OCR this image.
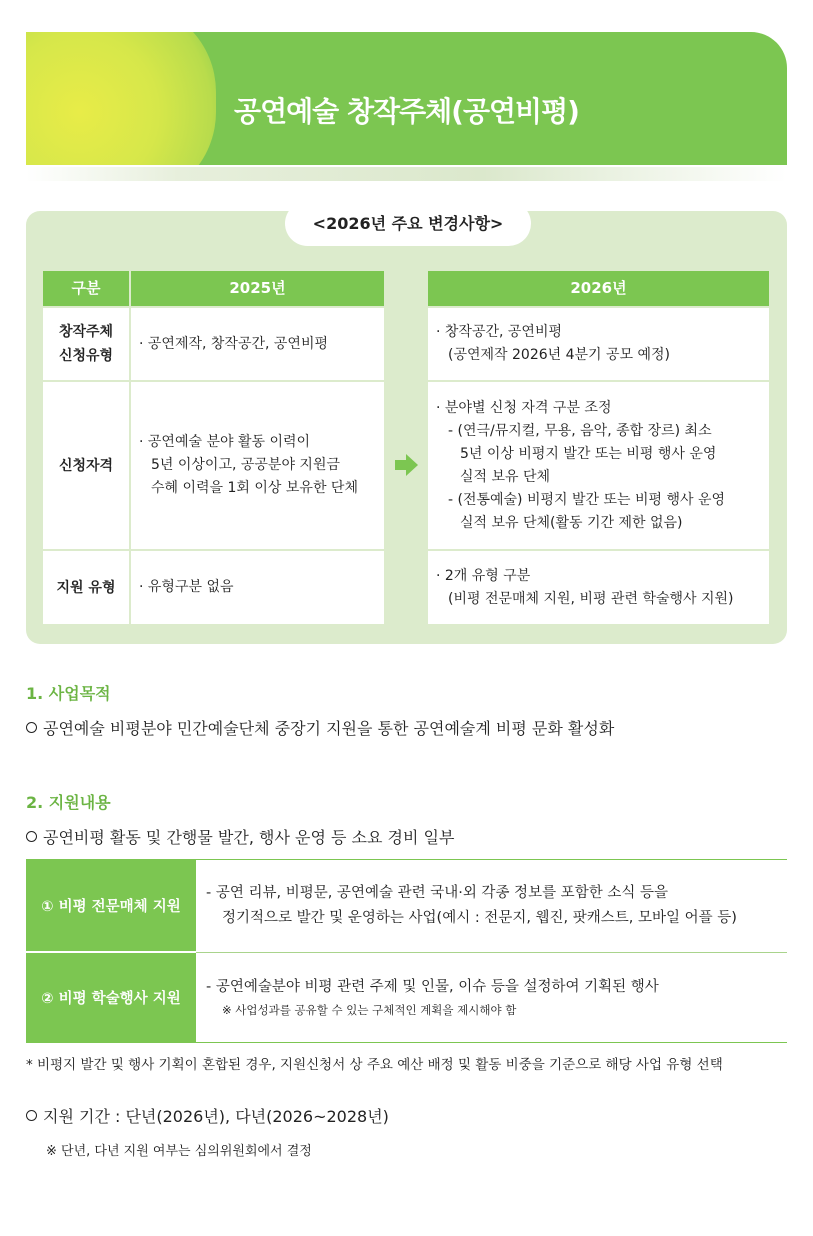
공연예술 창작주체(공연비평)
<2026년 주요 변경사항>
구분	2025년	2026년
창작주체
신청유형
· 공연제작, 창작공간, 공연비평
· 창작공간, 공연비평
(공연제작 2026년 4분기 공모 예정)
신청자격
· 공연예술 분야 활동 이력이
5년 이상이고, 공공분야 지원금
수혜 이력을 1회 이상 보유한 단체
· 분야별 신청 자격 구분 조정
- (연극/뮤지컬, 무용, 음악, 종합 장르) 최소
5년 이상 비평지 발간 또는 비평 행사 운영
실적 보유 단체
- (전통예술) 비평지 발간 또는 비평 행사 운영
실적 보유 단체(활동 기간 제한 없음)
지원 유형 · 유형구분 없음
· 2개 유형 구분
(비평 전문매체 지원, 비평 관련 학술행사 지원)
1. 사업목적
공연예술 비평분야 민간예술단체 중장기 지원을 통한 공연예술계 비평 문화 활성화
2. 지원내용
공연비평 활동 및 간행물 발간, 행사 운영 등 소요 경비 일부
① 비평 전문매체 지원
- 공연 리뷰, 비평문, 공연예술 관련 국내·외 각종 정보를 포함한 소식 등을
정기적으로 발간 및 운영하는 사업(예시 : 전문지, 웹진, 팟캐스트, 모바일 어플 등)
② 비평 학술행사 지원
- 공연예술분야 비평 관련 주제 및 인물, 이슈 등을 설정하여 기획된 행사
※ 사업성과를 공유할 수 있는 구체적인 계획을 제시해야 함
* 비평지 발간 및 행사 기획이 혼합된 경우, 지원신청서 상 주요 예산 배정 및 활동 비중을 기준으로 해당 사업 유형 선택
지원 기간 : 단년(2026년), 다년(2026~2028년)
※ 단년, 다년 지원 여부는 심의위원회에서 결정
